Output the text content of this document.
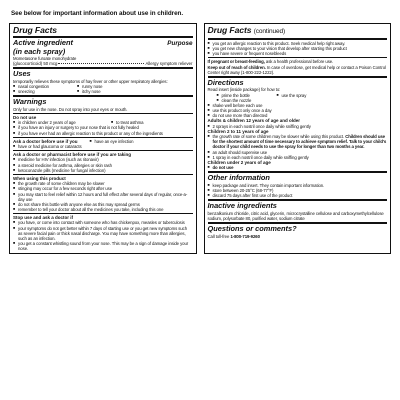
See below for important information about use in children.
Drug Facts
Active ingredient	Purpose
(in each spray)
Mometasone furoate monohydrate
(glucocorticoid) 50 mcg	Allergy symptom reliever
Uses
temporarily relieves these symptoms of hay fever or other upper respiratory allergies:
■ nasal congestion	■ runny nose
■ sneezing	■ itchy nose
Warnings
Only for use in the nose. Do not spray into your eyes or mouth.
Do not use
■ in children under 2 years of age	■ to treat asthma
■ if you have an injury or surgery to your nose that is not fully healed
■ if you have ever had an allergic reaction to this product or any of the ingredients
Ask a doctor before use if you	■ have an eye infection
■ have or had glaucoma or cataracts
Ask a doctor or pharmacist before use if you are taking
■ medicine for HIV infection (such as ritonavir)
■ a steroid medicine for asthma, allergies or skin rash
■ ketoconazole pills (medicine for fungal infection)
When using this product
■ the growth rate of some children may be slower
■ stinging may occur for a few seconds right after use
■ you may start to feel relief within 12 hours and full effect after several days of regular, once-a-day use
■ do not share this bottle with anyone else as this may spread germs
■ remember to tell your doctor about all the medicines you take, including this one
Stop use and ask a doctor if
■ you have, or come into contact with someone who has chickenpox, measles or tuberculosis
■ your symptoms do not get better within 7 days of starting use or you get new symptoms such as severe facial pain or thick nasal discharge. You may have something more than allergies, such as an infection.
■ you get a constant whistling sound from your nose. This may be a sign of damage inside your nose.
Drug Facts (continued)
■ you get an allergic reaction to this product. Seek medical help right away.
■ you get new changes to your vision that develop after starting this product
■ you have severe or frequent nosebleeds
If pregnant or breast-feeding, ask a health professional before use.
Keep out of reach of children. In case of overdose, get medical help or contact a Poison Control Center right away (1-800-222-1222).
Directions
Read insert (inside package) for how to:
■ prime the bottle	■ use the spray
■ clean the nozzle
■ shake well before each use
■ use this product only once a day
■ do not use more than directed
Adults & children 12 years of age and older
■ 2 sprays in each nostril once daily while sniffing gently
Children 2 to 11 years of age
■ the growth rate of some children may be slower while using this product. Children should use for the shortest amount of time necessary to achieve symptom relief. Talk to your child's doctor if your child needs to use the spray for longer than two months a year.
■ an adult should supervise use
■ 1 spray in each nostril once daily while sniffing gently
Children under 2 years of age
■ do not use
Other information
■ keep package and insert. They contain important information.
■ store between 20-25°C (68-77°F)
■ discard 75 days after first use of the product
Inactive ingredients
benzalkonium chloride, citric acid, glycerin, microcrystalline cellulose and carboxymethylcellulose sodium, polysorbate 80, purified water, sodium citrate
Questions or comments?
Call toll-free 1-800-719-9260
